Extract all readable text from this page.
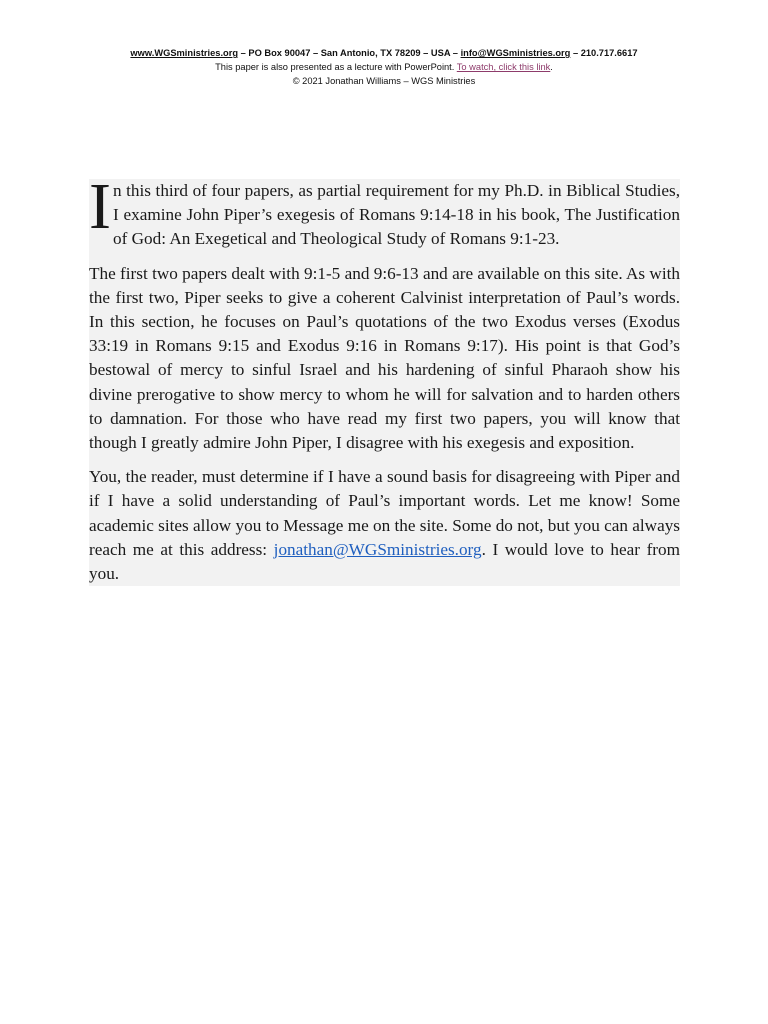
www.WGSministries.org – PO Box 90047 – San Antonio, TX 78209 – USA – info@WGSministries.org – 210.717.6617
This paper is also presented as a lecture with PowerPoint. To watch, click this link.
© 2021 Jonathan Williams – WGS Ministries

In this third of four papers, as partial requirement for my Ph.D. in Biblical Studies, I examine John Piper’s exegesis of Romans 9:14-18 in his book, The Justification of God: An Exegetical and Theological Study of Romans 9:1-23.

The first two papers dealt with 9:1-5 and 9:6-13 and are available on this site. As with the first two, Piper seeks to give a coherent Calvinist interpretation of Paul’s words. In this section, he focuses on Paul’s quotations of the two Exodus verses (Exodus 33:19 in Romans 9:15 and Exodus 9:16 in Romans 9:17). His point is that God’s bestowal of mercy to sinful Israel and his hardening of sinful Pharaoh show his divine prerogative to show mercy to whom he will for salvation and to harden others to damnation. For those who have read my first two papers, you will know that though I greatly admire John Piper, I disagree with his exegesis and exposition.

You, the reader, must determine if I have a sound basis for disagreeing with Piper and if I have a solid understanding of Paul’s important words. Let me know! Some academic sites allow you to Message me on the site. Some do not, but you can always reach me at this address: jonathan@WGSministries.org. I would love to hear from you.
